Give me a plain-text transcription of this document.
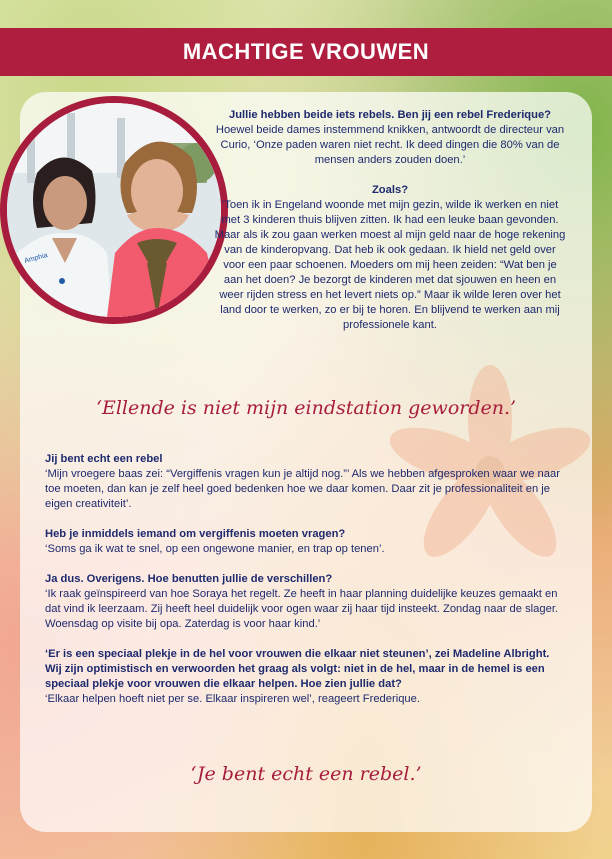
MACHTIGE VROUWEN
Amphia

Jullie hebben beide iets rebels. Ben jij een rebel Frederique?

Hoewel beide dames instemmend knikken, antwoordt de directeur van Curio, ‘Onze paden waren niet recht. Ik deed dingen die 80% van de mensen anders zouden doen.’

Zoals?

‘Toen ik in Engeland woonde met mijn gezin, wilde ik werken en niet met 3 kinderen thuis blijven zitten. Ik had een leuke baan gevonden. Maar als ik zou gaan werken moest al mijn geld naar de hoge rekening van de kinderopvang. Dat heb ik ook gedaan. Ik hield net geld over voor een paar schoenen. Moeders om mij heen zeiden: “Wat ben je aan het doen? Je bezorgt de kinderen met dat sjouwen en heen en weer rijden stress en het levert niets op.” Maar ik wilde leren over het land door te werken, zo er bij te horen. En blijvend te werken aan mij professionele kant.

‘Ellende is niet mijn eindstation geworden.’

Jij bent echt een rebel
‘Mijn vroegere baas zei: “Vergiffenis vragen kun je altijd nog.”’ Als we hebben afgesproken waar we naar toe moeten, dan kan je zelf heel goed bedenken hoe we daar komen. Daar zit je professionaliteit en je eigen creativiteit’.

Heb je inmiddels iemand om vergiffenis moeten vragen?
‘Soms ga ik wat te snel, op een ongewone manier, en trap op tenen’.

Ja dus. Overigens. Hoe benutten jullie de verschillen?
‘Ik raak geïnspireerd van hoe Soraya het regelt. Ze heeft in haar planning duidelijke keuzes gemaakt en dat vind ik leerzaam. Zij heeft heel duidelijk voor ogen waar zij haar tijd insteekt. Zondag naar de slager. Woensdag op visite bij opa. Zaterdag is voor haar kind.’

‘Er is een speciaal plekje in de hel voor vrouwen die elkaar niet steunen’, zei Madeline Albright. Wij zijn optimistisch en verwoorden het graag als volgt: niet in de hel, maar in de hemel is een speciaal plekje voor vrouwen die elkaar helpen. Hoe zien jullie dat?
‘Elkaar helpen hoeft niet per se. Elkaar inspireren wel’, reageert Frederique.

‘Je bent echt een rebel.’
